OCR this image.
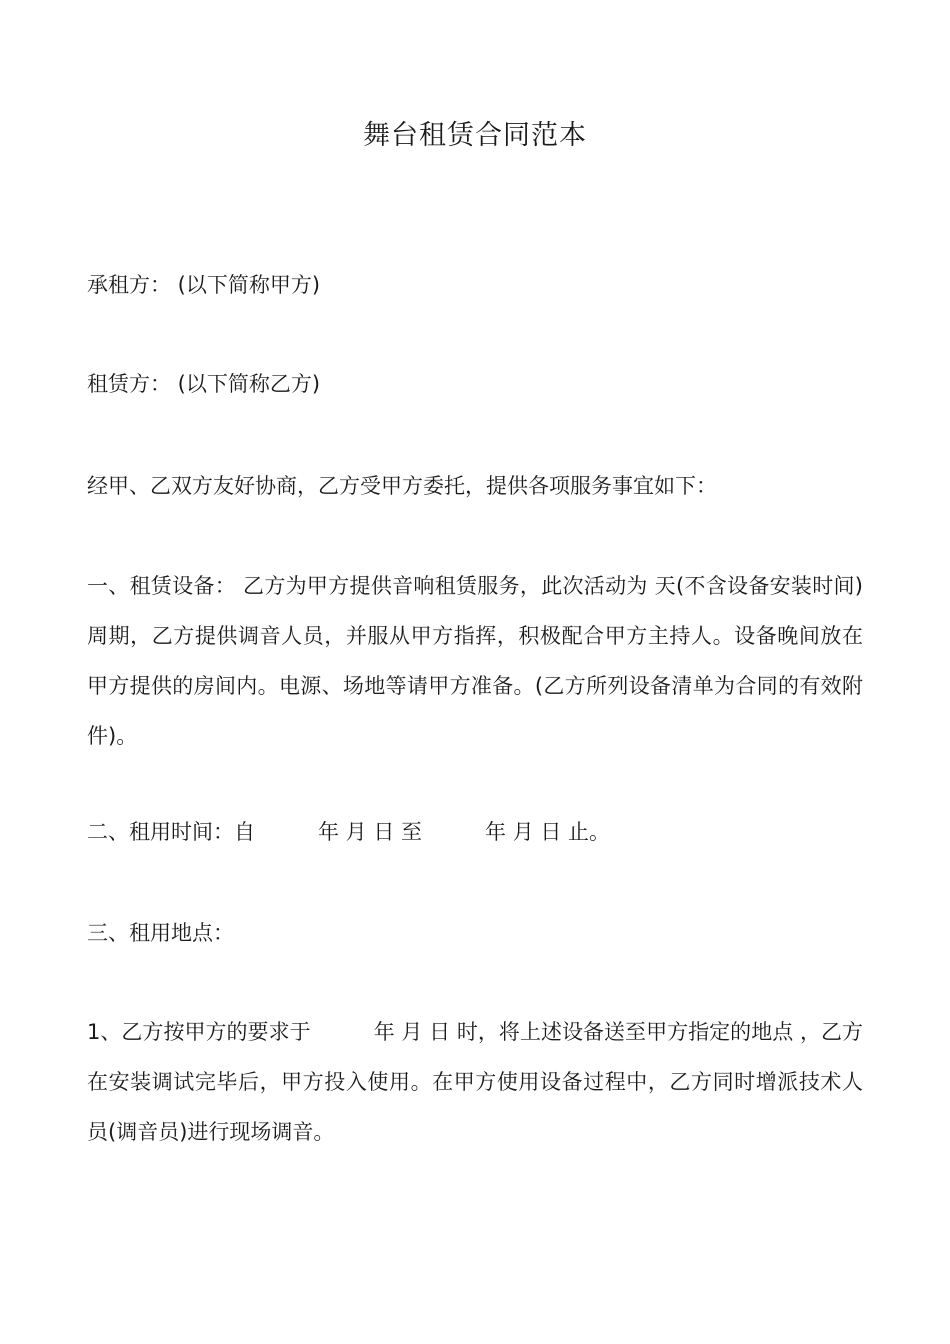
舞台租赁合同范本

承租方： (以下简称甲方)

租赁方： (以下简称乙方)

经甲、乙双方友好协商，乙方受甲方委托，提供各项服务事宜如下：

一、租赁设备： 乙方为甲方提供音响租赁服务，此次活动为 天(不含设备安装时间)周期，乙方提供调音人员，并服从甲方指挥，积极配合甲方主持人。设备晚间放在甲方提供的房间内。电源、场地等请甲方准备。(乙方所列设备清单为合同的有效附件)。

二、租用时间：自　　　年 月 日 至　　　年 月 日 止。

三、租用地点：

1、乙方按甲方的要求于　　　年 月 日 时，将上述设备送至甲方指定的地点 ，乙方在安装调试完毕后，甲方投入使用。在甲方使用设备过程中，乙方同时增派技术人员(调音员)进行现场调音。
